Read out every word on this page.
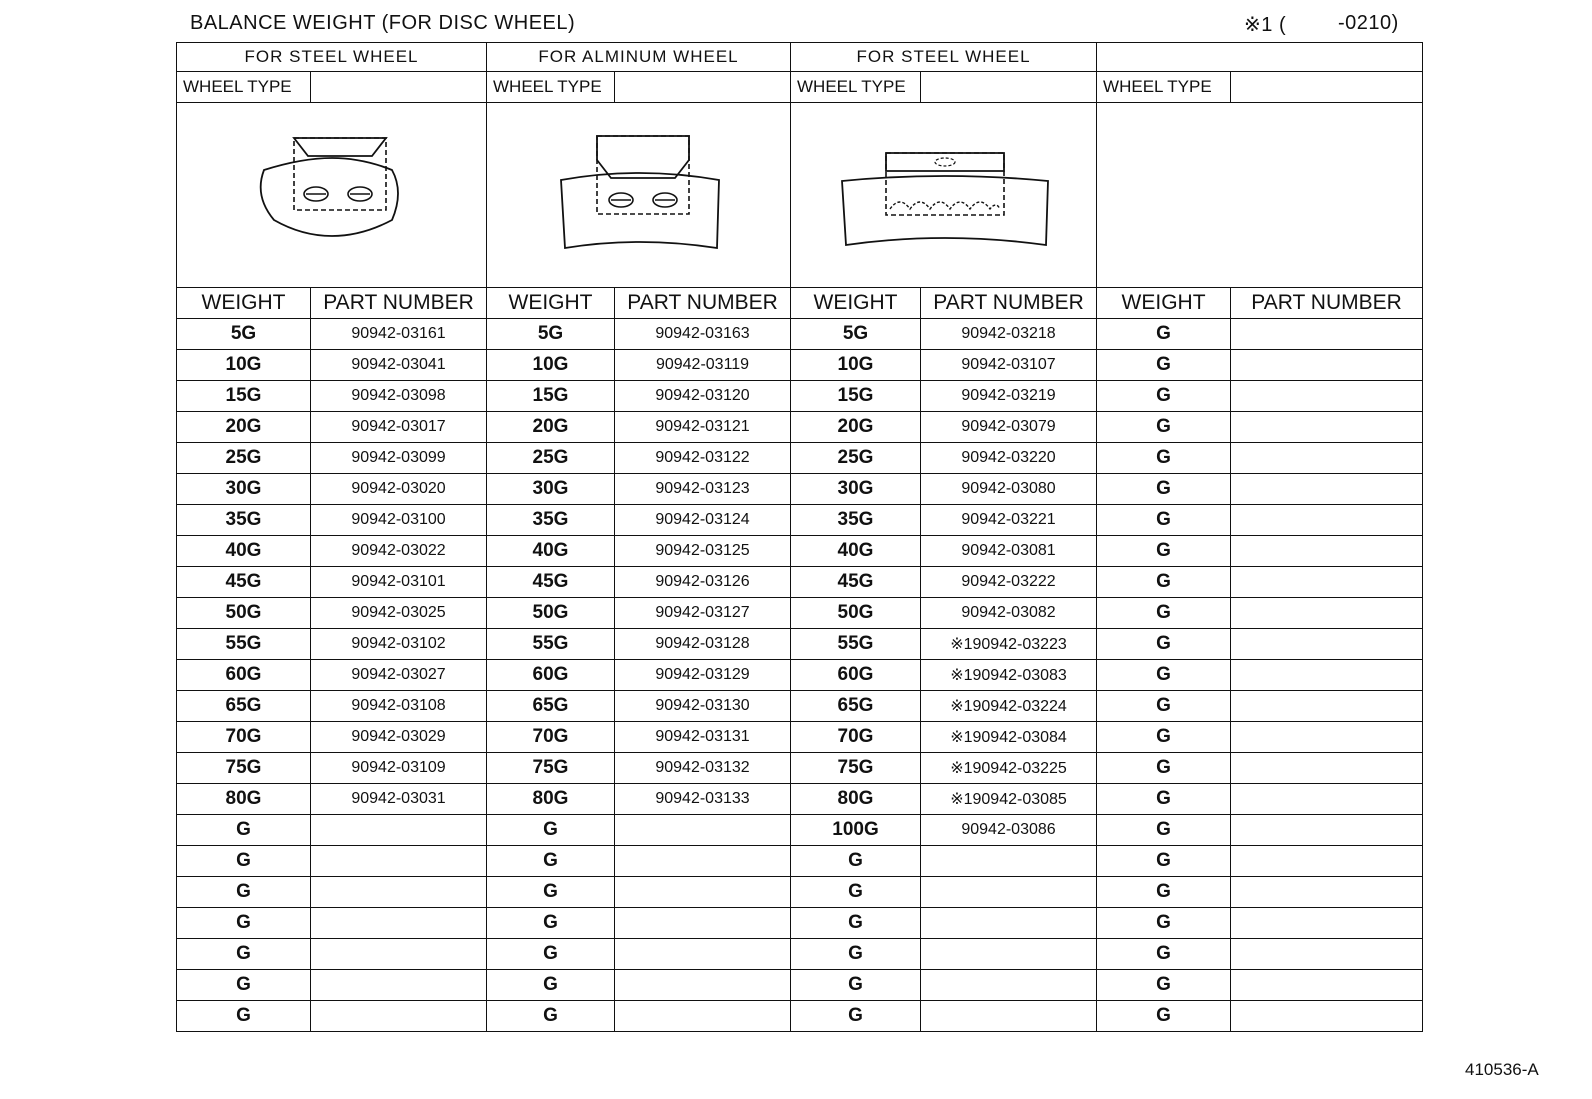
BALANCE WEIGHT (FOR DISC WHEEL)	※1 (	-0210)
FOR STEEL WHEEL		FOR ALMINUM WHEEL		FOR STEEL WHEEL			
WHEEL TYPE		WHEEL TYPE		WHEEL TYPE		WHEEL TYPE	

WEIGHT	PART NUMBER	WEIGHT	PART NUMBER	WEIGHT	PART NUMBER	WEIGHT	PART NUMBER
5G	90942-03161	5G	90942-03163	5G	90942-03218	G	
10G	90942-03041	10G	90942-03119	10G	90942-03107	G	
15G	90942-03098	15G	90942-03120	15G	90942-03219	G	
20G	90942-03017	20G	90942-03121	20G	90942-03079	G	
25G	90942-03099	25G	90942-03122	25G	90942-03220	G	
30G	90942-03020	30G	90942-03123	30G	90942-03080	G	
35G	90942-03100	35G	90942-03124	35G	90942-03221	G	
40G	90942-03022	40G	90942-03125	40G	90942-03081	G	
45G	90942-03101	45G	90942-03126	45G	90942-03222	G	
50G	90942-03025	50G	90942-03127	50G	90942-03082	G	
55G	90942-03102	55G	90942-03128	55G	※190942-03223	G	
60G	90942-03027	60G	90942-03129	60G	※190942-03083	G	
65G	90942-03108	65G	90942-03130	65G	※190942-03224	G	
70G	90942-03029	70G	90942-03131	70G	※190942-03084	G	
75G	90942-03109	75G	90942-03132	75G	※190942-03225	G	
80G	90942-03031	80G	90942-03133	80G	※190942-03085	G	
G		G		100G	90942-03086	G	
G		G		G		G	
G		G		G		G	
G		G		G		G	
G		G		G		G	
G		G		G		G	
G		G		G		G	
410536-A
